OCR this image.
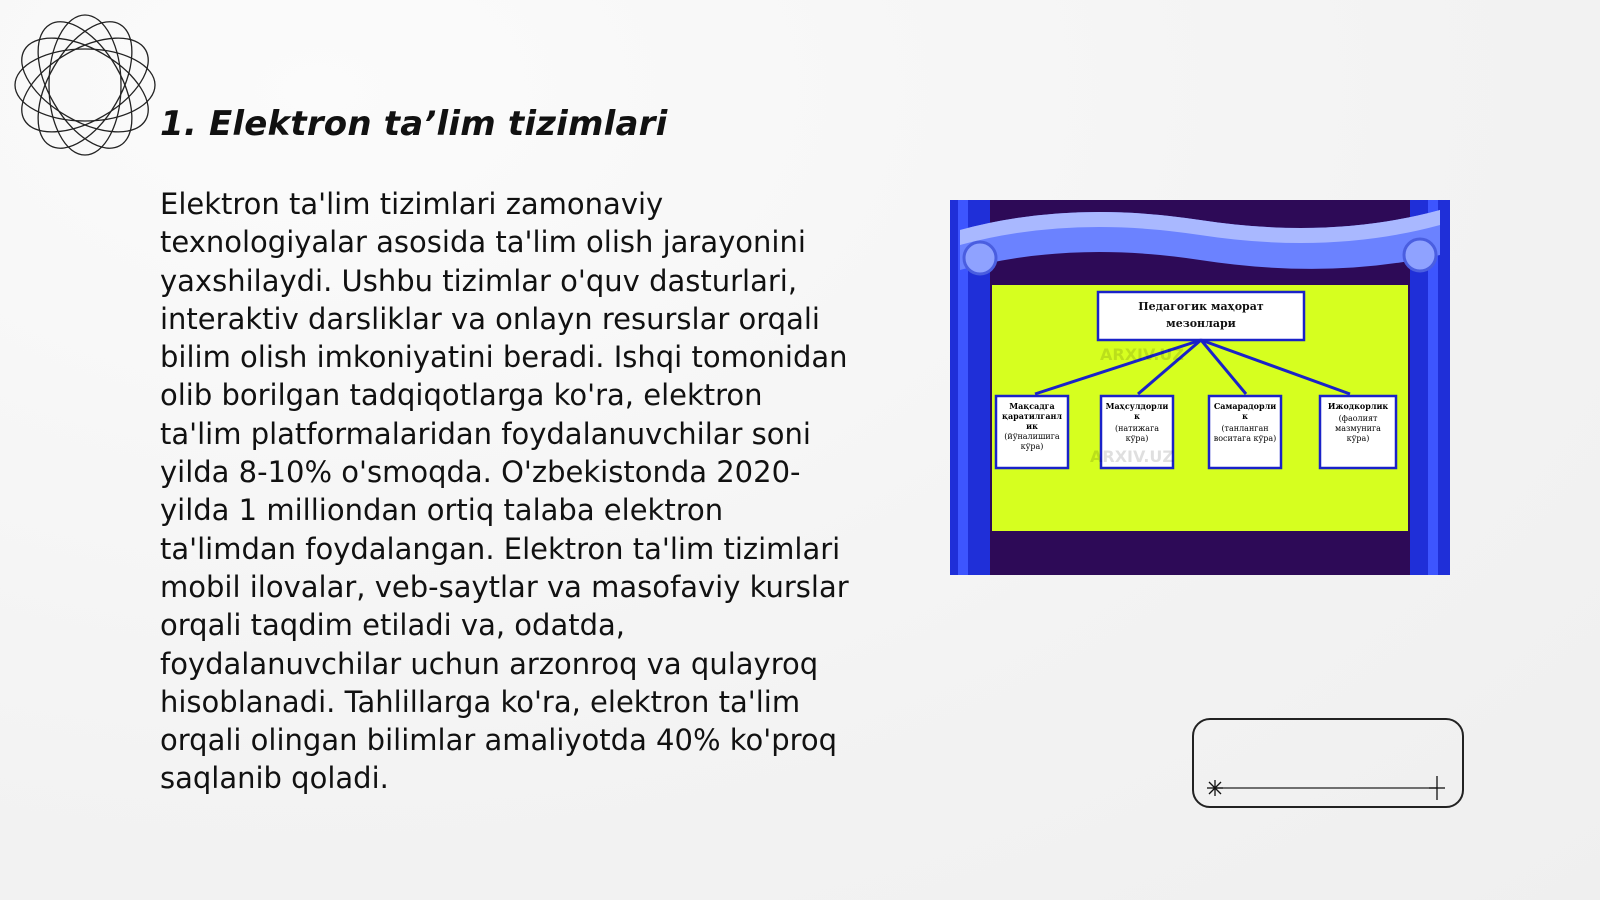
1. Elektron ta’lim tizimlari
Elektron ta'lim tizimlari zamonaviy texnologiyalar asosida ta'lim olish jarayonini yaxshilaydi. Ushbu tizimlar o'quv dasturlari, interaktiv darsliklar va onlayn resurslar orqali bilim olish imkoniyatini beradi. Ishqi tomonidan olib borilgan tadqiqotlarga ko'ra, elektron ta'lim platformalaridan foydalanuvchilar soni yilda 8-10% o'smoqda. O'zbekistonda 2020-yilda 1 milliondan ortiq talaba elektron ta'limdan foydalangan. Elektron ta'lim tizimlari mobil ilovalar, veb-saytlar va masofaviy kurslar orqali taqdim etiladi va, odatda, foydalanuvchilar uchun arzonroq va qulayroq hisoblanadi. Tahlillarga ko'ra, elektron ta'lim orqali olingan bilimlar amaliyotda 40% ko'proq saqlanib qoladi.
Педагогик маҳорат
мезонлари
Мақсадга
қаратилганл
ик
(йўналишига
кўра)
Маҳсулдорли
к
(натижага
кўра)
Самарадорли
к
(танланган
воситага кўра)
Ижодкорлик
(фаолият
мазмунига
кўра)
ARXIV.UZ
ARXIV.UZ
